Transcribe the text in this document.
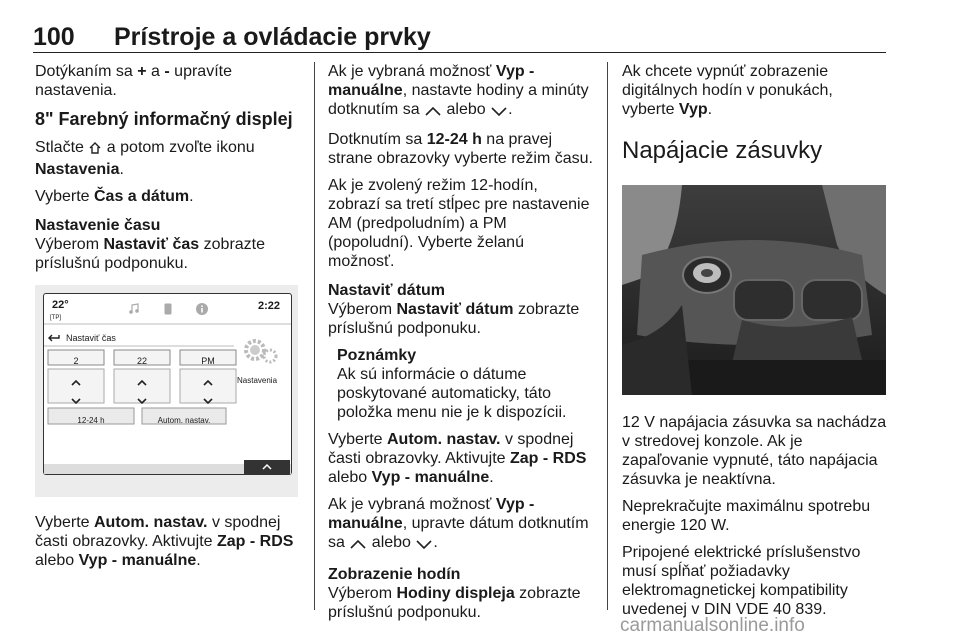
100 Prístroje a ovládacie prvky

Dotýkaním sa + a - upravíte nastavenia.

8" Farebný informačný displej

Stlačte  a potom zvoľte ikonu Nastavenia.

Vyberte Čas a dátum.

Nastavenie času

Výberom Nastaviť čas zobrazte príslušnú podponuku.

22°
[TP]
2:22
Nastaviť čas
2	22	PM
Nastavenia
12-24 h	Autom. nastav.

Vyberte Autom. nastav. v spodnej časti obrazovky. Aktivujte Zap - RDS alebo Vyp - manuálne.

Ak je vybraná možnosť Vyp - manuálne, nastavte hodiny a minúty dotknutím sa  alebo .

Dotknutím sa 12-24 h na pravej strane obrazovky vyberte režim času.

Ak je zvolený režim 12-hodín, zobrazí sa tretí stĺpec pre nastavenie AM (predpoludním) a PM (popoludní). Vyberte želanú možnosť.

Nastaviť dátum

Výberom Nastaviť dátum zobrazte príslušnú podponuku.

Poznámky
Ak sú informácie o dátume poskytované automaticky, táto položka menu nie je k dispozícii.

Vyberte Autom. nastav. v spodnej časti obrazovky. Aktivujte Zap - RDS alebo Vyp - manuálne.

Ak je vybraná možnosť Vyp - manuálne, upravte dátum dotknutím sa  alebo .

Zobrazenie hodín

Výberom Hodiny displeja zobrazte príslušnú podponuku.

Ak chcete vypnúť zobrazenie digitálnych hodín v ponukách, vyberte Vyp.

Napájacie zásuvky

12 V napájacia zásuvka sa nachádza v stredovej konzole. Ak je zapaľovanie vypnuté, táto napájacia zásuvka je neaktívna.

Neprekračujte maximálnu spotrebu energie 120 W.

Pripojené elektrické príslušenstvo musí spĺňať požiadavky elektromagnetickej kompatibility uvedenej v DIN VDE 40 839.

carmanualsonline.info
